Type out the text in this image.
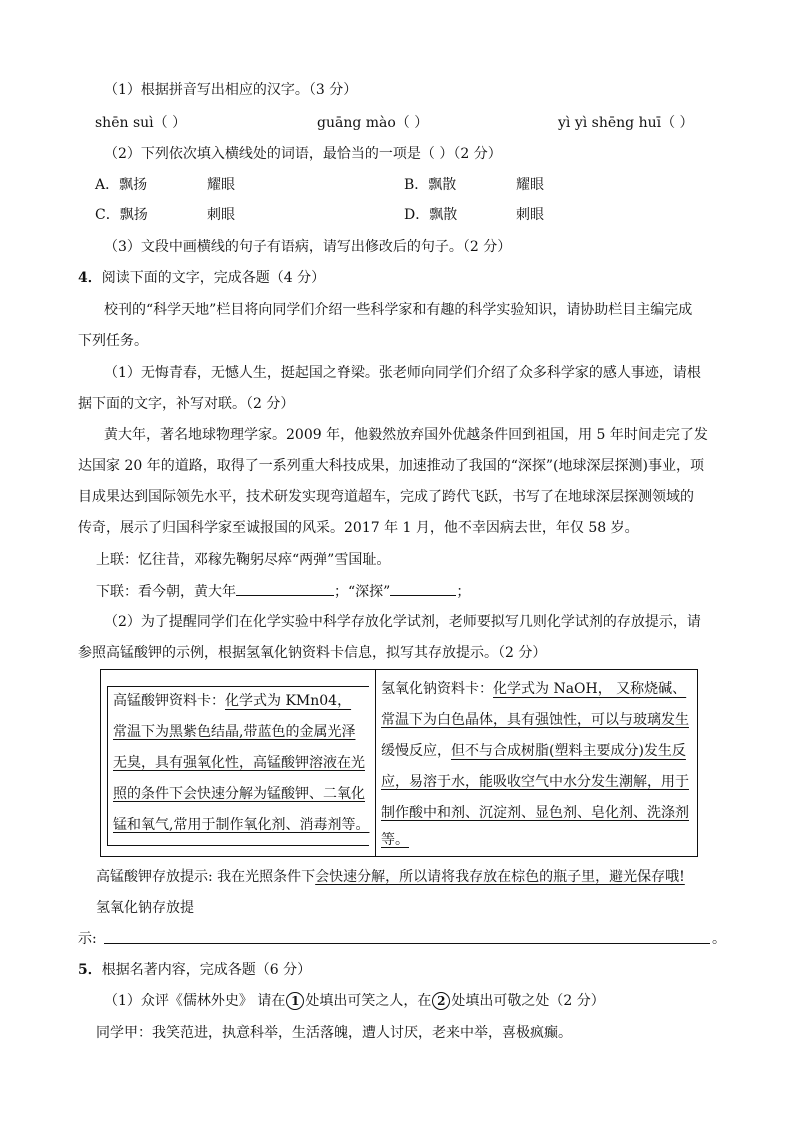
（1）根据拼音写出相应的汉字。（3 分）
shēn suì（ ）	guāng mào（ ）	yì yì shēng huī（ ）
（2）下列依次填入横线处的词语，最恰当的一项是（ ）（2 分）
A．飘扬	耀眼	B．飘散	耀眼
C．飘扬	刺眼	D．飘散	刺眼
（3）文段中画横线的句子有语病，请写出修改后的句子。（2 分）
4．阅读下面的文字，完成各题（4 分）
校刊的“科学天地”栏目将向同学们介绍一些科学家和有趣的科学实验知识，请协助栏目主编完成
下列任务。
（1）无悔青春，无憾人生，挺起国之脊梁。张老师向同学们介绍了众多科学家的感人事迹，请根
据下面的文字，补写对联。（2 分）
黄大年，著名地球物理学家。2009 年，他毅然放弃国外优越条件回到祖国，用 5 年时间走完了发
达国家 20 年的道路，取得了一系列重大科技成果，加速推动了我国的“深探”(地球深层探测)事业，项
目成果达到国际领先水平，技术研发实现弯道超车，完成了跨代飞跃，书写了在地球深层探测领域的
传奇，展示了归国科学家至诚报国的风采。2017 年 1 月，他不幸因病去世，年仅 58 岁。
上联：忆往昔，邓稼先鞠躬尽瘁“两弹”雪国耻。
下联：看今朝，黄大年	；“深探”	；
（2）为了提醒同学们在化学实验中科学存放化学试剂，老师要拟写几则化学试剂的存放提示，请
参照高锰酸钾的示例，根据氢氧化钠资料卡信息，拟写其存放提示。（2 分）
高锰酸钾资料卡：化学式为 KMn04，
常温下为黑紫色结晶,带蓝色的金属光泽
无臭，具有强氧化性，高锰酸钾溶液在光
照的条件下会快速分解为锰酸钾、二氧化
锰和氧气,常用于制作氧化剂、消毒剂等。
氢氧化钠资料卡：化学式为 NaOH， 又称烧碱、
常温下为白色晶体，具有强蚀性，可以与玻璃发生
缓慢反应，但不与合成树脂(塑料主要成分)发生反
应，易溶于水，能吸收空气中水分发生潮解，用于
制作酸中和剂、沉淀剂、显色剂、皂化剂、洗涤剂
等。
高锰酸钾存放提示: 我在光照条件下会快速分解，所以请将我存放在棕色的瓶子里，避光保存哦!
氢氧化钠存放提
示:	。
5．根据名著内容，完成各题（6 分）
（1）众评《儒林外史》 请在 1 处填出可笑之人，在 2 处填出可敬之处（2 分）
同学甲：我笑范进，执意科举，生活落魄，遭人讨厌，老来中举，喜极疯癫。
